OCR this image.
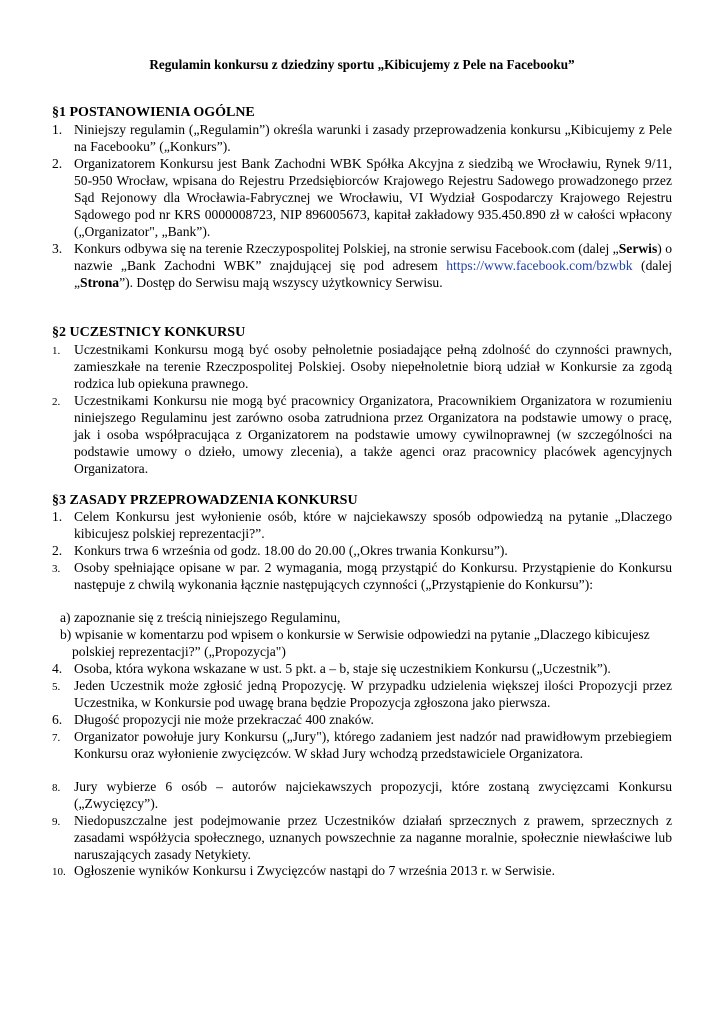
Regulamin konkursu z dziedziny sportu „Kibicujemy z Pele na Facebooku”
§1 POSTANOWIENIA OGÓLNE
1. Niniejszy regulamin („Regulamin”) określa warunki i zasady przeprowadzenia konkursu „Kibicujemy z Pele na Facebooku” („Konkurs”).
2. Organizatorem Konkursu jest Bank Zachodni WBK Spółka Akcyjna z siedzibą we Wrocławiu, Rynek 9/11, 50-950 Wrocław, wpisana do Rejestru Przedsiębiorców Krajowego Rejestru Sadowego prowadzonego przez Sąd Rejonowy dla Wrocławia-Fabrycznej we Wrocławiu, VI Wydział Gospodarczy Krajowego Rejestru Sądowego pod nr KRS 0000008723, NIP 896005673, kapitał zakładowy 935.450.890 zł w całości wpłacony („Organizator", „Bank”).
3. Konkurs odbywa się na terenie Rzeczypospolitej Polskiej, na stronie serwisu Facebook.com (dalej „Serwis) o nazwie „Bank Zachodni WBK” znajdującej się pod adresem https://www.facebook.com/bzwbk (dalej „Strona”). Dostęp do Serwisu mają wszyscy użytkownicy Serwisu.
§2 UCZESTNICY KONKURSU
1.	Uczestnikami Konkursu mogą być osoby pełnoletnie posiadające pełną zdolność do czynności prawnych, zamieszkałe na terenie Rzeczpospolitej Polskiej. Osoby niepełnoletnie biorą udział w Konkursie za zgodą rodzica lub opiekuna prawnego.
2.	Uczestnikami Konkursu nie mogą być pracownicy Organizatora, Pracownikiem Organizatora w rozumieniu niniejszego Regulaminu jest zarówno osoba zatrudniona przez Organizatora na podstawie umowy o pracę, jak i osoba współpracująca z Organizatorem na podstawie umowy cywilnoprawnej (w szczególności na podstawie umowy o dzieło, umowy zlecenia), a także agenci oraz pracownicy placówek agencyjnych Organizatora.
§3 ZASADY PRZEPROWADZENIA KONKURSU
1. Celem Konkursu jest wyłonienie osób, które w najciekawszy sposób odpowiedzą na pytanie „Dlaczego kibicujesz polskiej reprezentacji?”.
2. Konkurs trwa 6 września od godz. 18.00 do 20.00 (,,Okres trwania Konkursu”).
3.	Osoby spełniające opisane w par. 2 wymagania, mogą przystąpić do Konkursu. Przystąpienie do Konkursu następuje z chwilą wykonania łącznie następujących czynności („Przystąpienie do Konkursu”):
a) zapoznanie się z treścią niniejszego Regulaminu,
b) wpisanie w komentarzu pod wpisem o konkursie w Serwisie odpowiedzi na pytanie „Dlaczego kibicujesz polskiej reprezentacji?” („Propozycja")
4. Osoba, która wykona wskazane w ust. 5 pkt. a – b, staje się uczestnikiem Konkursu („Uczestnik”).
5.	Jeden Uczestnik może zgłosić jedną Propozycję. W przypadku udzielenia większej ilości Propozycji przez Uczestnika, w Konkursie pod uwagę brana będzie Propozycja zgłoszona jako pierwsza.
6. Długość propozycji nie może przekraczać 400 znaków.
7.	Organizator powołuje jury Konkursu („Jury"), którego zadaniem jest nadzór nad prawidłowym przebiegiem Konkursu oraz wyłonienie zwycięzców. W skład Jury wchodzą przedstawiciele Organizatora.
8.	Jury wybierze 6 osób – autorów najciekawszych propozycji, które zostaną zwycięzcami Konkursu („Zwycięzcy”).
9.	Niedopuszczalne jest podejmowanie przez Uczestników działań sprzecznych z prawem, sprzecznych z zasadami współżycia społecznego, uznanych powszechnie za naganne moralnie, społecznie niewłaściwe lub naruszających zasady Netykiety.
10. Ogłoszenie wyników Konkursu i Zwycięzców nastąpi do 7 września 2013 r. w Serwisie.
